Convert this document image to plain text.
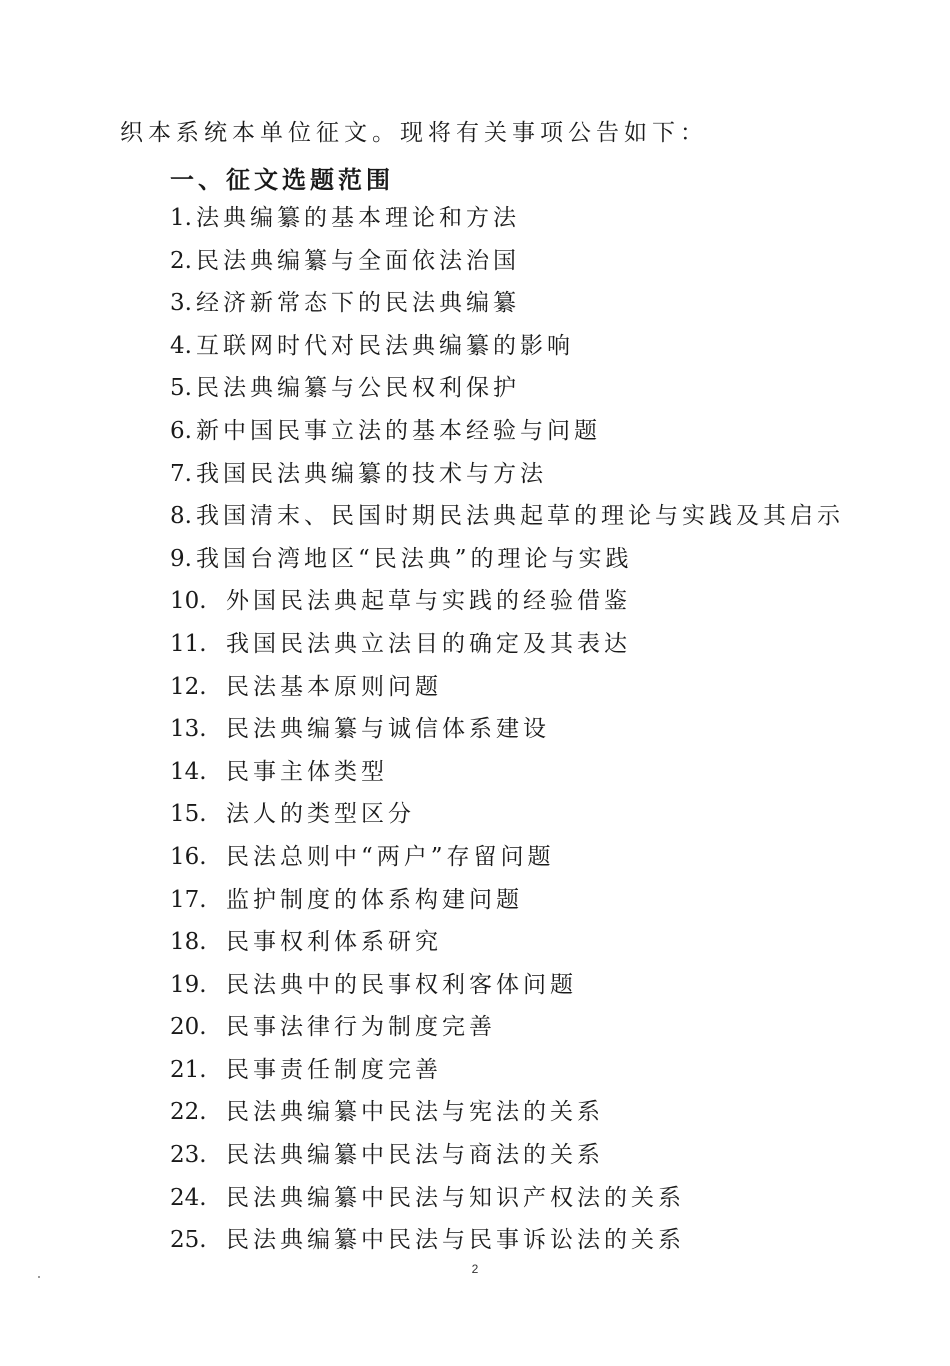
织本系统本单位征文。现将有关事项公告如下：
一、征文选题范围
1. 法典编纂的基本理论和方法
2. 民法典编纂与全面依法治国
3. 经济新常态下的民法典编纂
4. 互联网时代对民法典编纂的影响
5. 民法典编纂与公民权利保护
6. 新中国民事立法的基本经验与问题
7. 我国民法典编纂的技术与方法
8. 我国清末、民国时期民法典起草的理论与实践及其启示
9. 我国台湾地区“民法典”的理论与实践
10. 外国民法典起草与实践的经验借鉴
11. 我国民法典立法目的确定及其表达
12. 民法基本原则问题
13. 民法典编纂与诚信体系建设
14. 民事主体类型
15. 法人的类型区分
16. 民法总则中“两户”存留问题
17. 监护制度的体系构建问题
18. 民事权利体系研究
19. 民法典中的民事权利客体问题
20. 民事法律行为制度完善
21. 民事责任制度完善
22. 民法典编纂中民法与宪法的关系
23. 民法典编纂中民法与商法的关系
24. 民法典编纂中民法与知识产权法的关系
25. 民法典编纂中民法与民事诉讼法的关系
2
